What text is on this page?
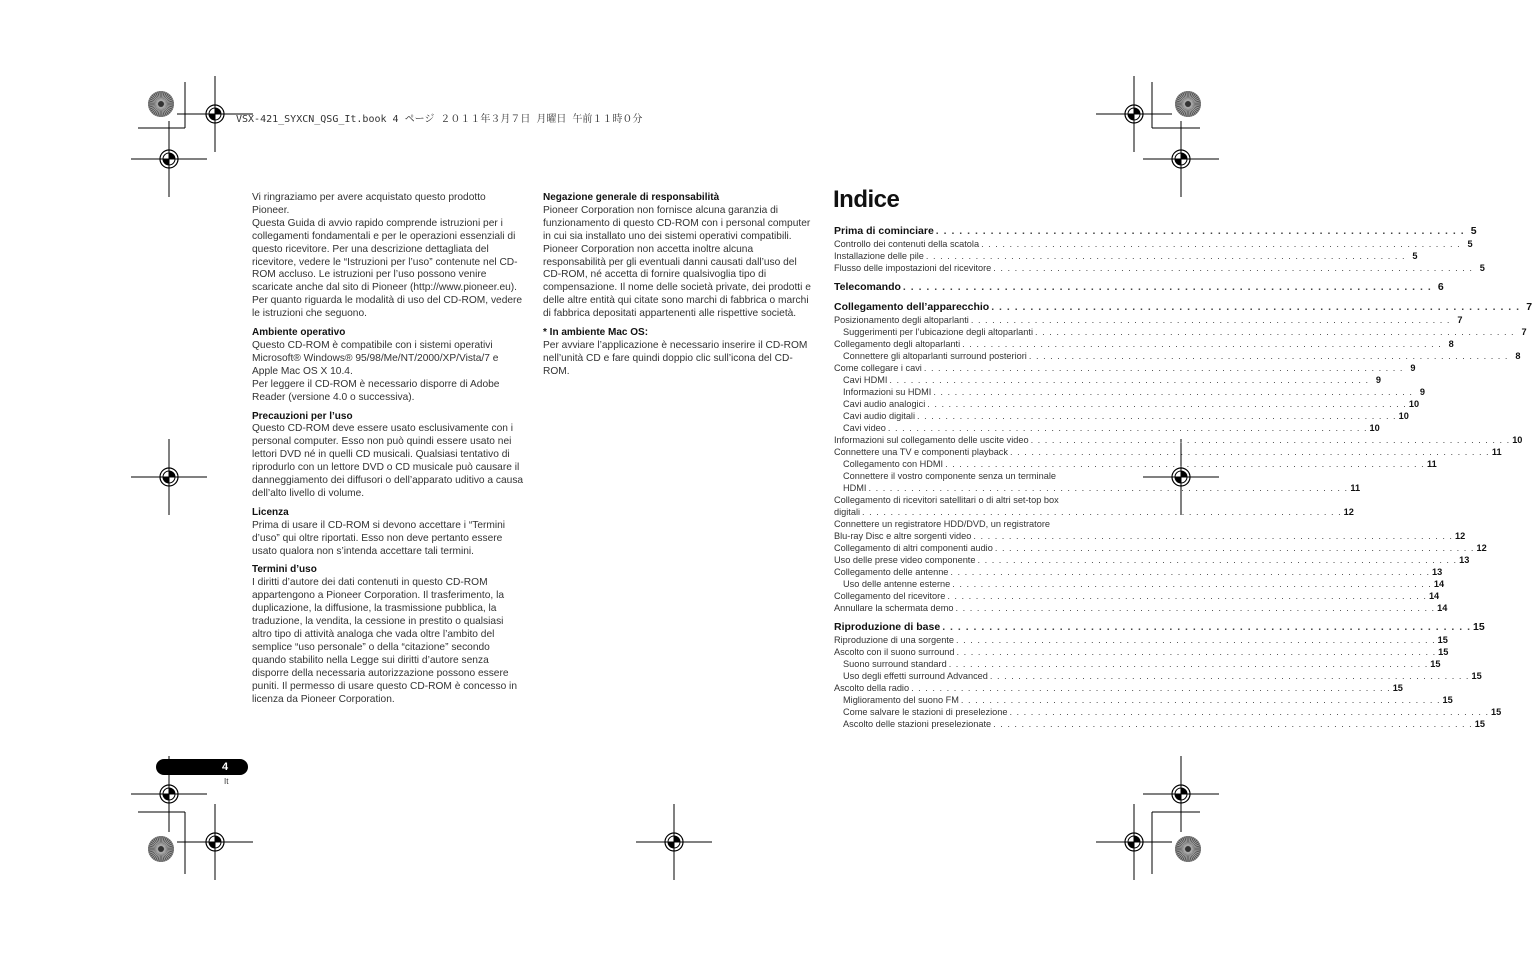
VSX-421_SYXCN_QSG_It.book 4 ページ ２０１１年３月７日 月曜日 午前１１時０分

Vi ringraziamo per avere acquistato questo prodotto Pioneer.

Questa Guida di avvio rapido comprende istruzioni per i collegamenti fondamentali e per le operazioni essenziali di questo ricevitore. Per una descrizione dettagliata del ricevitore, vedere le “Istruzioni per l’uso” contenute nel CD-ROM accluso. Le istruzioni per l’uso possono venire scaricate anche dal sito di Pioneer (http://www.pioneer.eu).

Per quanto riguarda le modalità di uso del CD-ROM, vedere le istruzioni che seguono.

Ambiente operativo

Questo CD-ROM è compatibile con i sistemi operativi Microsoft® Windows® 95/98/Me/NT/2000/XP/Vista/7 e Apple Mac OS X 10.4.

Per leggere il CD-ROM è necessario disporre di Adobe Reader (versione 4.0 o successiva).

Precauzioni per l’uso

Questo CD-ROM deve essere usato esclusivamente con i personal computer. Esso non può quindi essere usato nei lettori DVD né in quelli CD musicali. Qualsiasi tentativo di riprodurlo con un lettore DVD o CD musicale può causare il danneggiamento dei diffusori o dell’apparato uditivo a causa dell’alto livello di volume.

Licenza

Prima di usare il CD-ROM si devono accettare i “Termini d’uso” qui oltre riportati. Esso non deve pertanto essere usato qualora non s’intenda accettare tali termini.

Termini d’uso

I diritti d’autore dei dati contenuti in questo CD-ROM appartengono a Pioneer Corporation. Il trasferimento, la duplicazione, la diffusione, la trasmissione pubblica, la traduzione, la vendita, la cessione in prestito o qualsiasi altro tipo di attività analoga che vada oltre l’ambito del semplice “uso personale” o della “citazione” secondo quando stabilito nella Legge sui diritti d’autore senza disporre della necessaria autorizzazione possono essere puniti. Il permesso di usare questo CD-ROM è concesso in licenza da Pioneer Corporation.

Negazione generale di responsabilità

Pioneer Corporation non fornisce alcuna garanzia di funzionamento di questo CD-ROM con i personal computer in cui sia installato uno dei sistemi operativi compatibili. Pioneer Corporation non accetta inoltre alcuna responsabilità per gli eventuali danni causati dall’uso del CD-ROM, né accetta di fornire qualsivoglia tipo di compensazione. Il nome delle società private, dei prodotti e delle altre entità qui citate sono marchi di fabbrica o marchi di fabbrica depositati appartenenti alle rispettive società.

* In ambiente Mac OS:

Per avviare l’applicazione è necessario inserire il CD-ROM nell’unità CD e fare quindi doppio clic sull’icona del CD-ROM.

Indice
Prima di cominciare . . . . . . . . . . . . . . . . . . . . . . . . . . . . . . . . . . . . . . . . . . . . . . . . . . . . . . . . . . . . . . . . . . . . 5
Controllo dei contenuti della scatola . . . . . . . . . . . . . . . . . . . . . . . . . . . . . . . . . . . . . . . . . . . . . . . . . . . . . . . . . . . . . . . . . . . . 5
Installazione delle pile . . . . . . . . . . . . . . . . . . . . . . . . . . . . . . . . . . . . . . . . . . . . . . . . . . . . . . . . . . . . . . . . . . . . 5
Flusso delle impostazioni del ricevitore . . . . . . . . . . . . . . . . . . . . . . . . . . . . . . . . . . . . . . . . . . . . . . . . . . . . . . . . . . . . . . . . . . . . 5
Telecomando . . . . . . . . . . . . . . . . . . . . . . . . . . . . . . . . . . . . . . . . . . . . . . . . . . . . . . . . . . . . . . . . . . . . 6
Collegamento dell’apparecchio . . . . . . . . . . . . . . . . . . . . . . . . . . . . . . . . . . . . . . . . . . . . . . . . . . . . . . . . . . . . . . . . . . . . 7
Posizionamento degli altoparlanti . . . . . . . . . . . . . . . . . . . . . . . . . . . . . . . . . . . . . . . . . . . . . . . . . . . . . . . . . . . . . . . . . . . . 7
Suggerimenti per l’ubicazione degli altoparlanti . . . . . . . . . . . . . . . . . . . . . . . . . . . . . . . . . . . . . . . . . . . . . . . . . . . . . . . . . . . . . . . . . . . . 7
Collegamento degli altoparlanti . . . . . . . . . . . . . . . . . . . . . . . . . . . . . . . . . . . . . . . . . . . . . . . . . . . . . . . . . . . . . . . . . . . . 8
Connettere gli altoparlanti surround posteriori . . . . . . . . . . . . . . . . . . . . . . . . . . . . . . . . . . . . . . . . . . . . . . . . . . . . . . . . . . . . . . . . . . . . 8
Come collegare i cavi . . . . . . . . . . . . . . . . . . . . . . . . . . . . . . . . . . . . . . . . . . . . . . . . . . . . . . . . . . . . . . . . . . . . 9
Cavi HDMI . . . . . . . . . . . . . . . . . . . . . . . . . . . . . . . . . . . . . . . . . . . . . . . . . . . . . . . . . . . . . . . . . . . . 9
Informazioni su HDMI . . . . . . . . . . . . . . . . . . . . . . . . . . . . . . . . . . . . . . . . . . . . . . . . . . . . . . . . . . . . . . . . . . . . 9
Cavi audio analogici . . . . . . . . . . . . . . . . . . . . . . . . . . . . . . . . . . . . . . . . . . . . . . . . . . . . . . . . . . . . . . . . . . . . 10
Cavi audio digitali . . . . . . . . . . . . . . . . . . . . . . . . . . . . . . . . . . . . . . . . . . . . . . . . . . . . . . . . . . . . . . . . . . . . 10
Cavi video . . . . . . . . . . . . . . . . . . . . . . . . . . . . . . . . . . . . . . . . . . . . . . . . . . . . . . . . . . . . . . . . . . . . 10
Informazioni sul collegamento delle uscite video . . . . . . . . . . . . . . . . . . . . . . . . . . . . . . . . . . . . . . . . . . . . . . . . . . . . . . . . . . . . . . . . . . . . 10
Connettere una TV e componenti playback . . . . . . . . . . . . . . . . . . . . . . . . . . . . . . . . . . . . . . . . . . . . . . . . . . . . . . . . . . . . . . . . . . . . 11
Collegamento con HDMI . . . . . . . . . . . . . . . . . . . . . . . . . . . . . . . . . . . . . . . . . . . . . . . . . . . . . . . . . . . . . . . . . . . . 11
Connettere il vostro componente senza un terminale
HDMI . . . . . . . . . . . . . . . . . . . . . . . . . . . . . . . . . . . . . . . . . . . . . . . . . . . . . . . . . . . . . . . . . . . . 11
Collegamento di ricevitori satellitari o di altri set-top box
digitali . . . . . . . . . . . . . . . . . . . . . . . . . . . . . . . . . . . . . . . . . . . . . . . . . . . . . . . . . . . . . . . . . . . . 12
Connettere un registratore HDD/DVD, un registratore
Blu-ray Disc e altre sorgenti video . . . . . . . . . . . . . . . . . . . . . . . . . . . . . . . . . . . . . . . . . . . . . . . . . . . . . . . . . . . . . . . . . . . . 12
Collegamento di altri componenti audio . . . . . . . . . . . . . . . . . . . . . . . . . . . . . . . . . . . . . . . . . . . . . . . . . . . . . . . . . . . . . . . . . . . . 12
Uso delle prese video componente . . . . . . . . . . . . . . . . . . . . . . . . . . . . . . . . . . . . . . . . . . . . . . . . . . . . . . . . . . . . . . . . . . . . 13
Collegamento delle antenne . . . . . . . . . . . . . . . . . . . . . . . . . . . . . . . . . . . . . . . . . . . . . . . . . . . . . . . . . . . . . . . . . . . . 13
Uso delle antenne esterne . . . . . . . . . . . . . . . . . . . . . . . . . . . . . . . . . . . . . . . . . . . . . . . . . . . . . . . . . . . . . . . . . . . . 14
Collegamento del ricevitore . . . . . . . . . . . . . . . . . . . . . . . . . . . . . . . . . . . . . . . . . . . . . . . . . . . . . . . . . . . . . . . . . . . . 14
Annullare la schermata demo . . . . . . . . . . . . . . . . . . . . . . . . . . . . . . . . . . . . . . . . . . . . . . . . . . . . . . . . . . . . . . . . . . . . 14
Riproduzione di base . . . . . . . . . . . . . . . . . . . . . . . . . . . . . . . . . . . . . . . . . . . . . . . . . . . . . . . . . . . . . . . . . . . . 15
Riproduzione di una sorgente . . . . . . . . . . . . . . . . . . . . . . . . . . . . . . . . . . . . . . . . . . . . . . . . . . . . . . . . . . . . . . . . . . . . 15
Ascolto con il suono surround . . . . . . . . . . . . . . . . . . . . . . . . . . . . . . . . . . . . . . . . . . . . . . . . . . . . . . . . . . . . . . . . . . . . 15
Suono surround standard . . . . . . . . . . . . . . . . . . . . . . . . . . . . . . . . . . . . . . . . . . . . . . . . . . . . . . . . . . . . . . . . . . . . 15
Uso degli effetti surround Advanced . . . . . . . . . . . . . . . . . . . . . . . . . . . . . . . . . . . . . . . . . . . . . . . . . . . . . . . . . . . . . . . . . . . . 15
Ascolto della radio . . . . . . . . . . . . . . . . . . . . . . . . . . . . . . . . . . . . . . . . . . . . . . . . . . . . . . . . . . . . . . . . . . . . 15
Miglioramento del suono FM . . . . . . . . . . . . . . . . . . . . . . . . . . . . . . . . . . . . . . . . . . . . . . . . . . . . . . . . . . . . . . . . . . . . 15
Come salvare le stazioni di preselezione . . . . . . . . . . . . . . . . . . . . . . . . . . . . . . . . . . . . . . . . . . . . . . . . . . . . . . . . . . . . . . . . . . . . 15
Ascolto delle stazioni preselezionate . . . . . . . . . . . . . . . . . . . . . . . . . . . . . . . . . . . . . . . . . . . . . . . . . . . . . . . . . . . . . . . . . . . . 15
4
It
